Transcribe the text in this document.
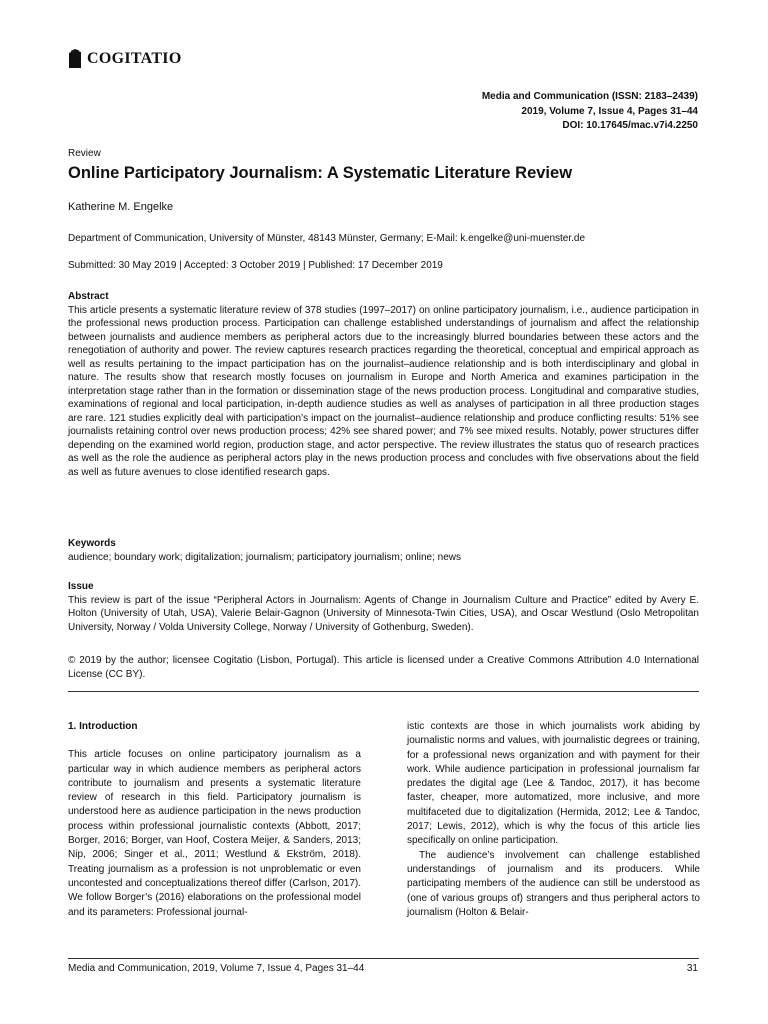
COGITATIO
Media and Communication (ISSN: 2183–2439)
2019, Volume 7, Issue 4, Pages 31–44
DOI: 10.17645/mac.v7i4.2250
Review
Online Participatory Journalism: A Systematic Literature Review
Katherine M. Engelke
Department of Communication, University of Münster, 48143 Münster, Germany; E-Mail: k.engelke@uni-muenster.de
Submitted: 30 May 2019 | Accepted: 3 October 2019 | Published: 17 December 2019
Abstract
This article presents a systematic literature review of 378 studies (1997–2017) on online participatory journalism, i.e., audience participation in the professional news production process. Participation can challenge established understandings of journalism and affect the relationship between journalists and audience members as peripheral actors due to the increasingly blurred boundaries between these actors and the renegotiation of authority and power. The review captures research practices regarding the theoretical, conceptual and empirical approach as well as results pertaining to the impact participation has on the journalist–audience relationship and is both interdisciplinary and global in nature. The results show that research mostly focuses on journalism in Europe and North America and examines participation in the interpretation stage rather than in the formation or dissemination stage of the news production process. Longitudinal and comparative studies, examinations of regional and local participation, in-depth audience studies as well as analyses of participation in all three production stages are rare. 121 studies explicitly deal with participation’s impact on the journalist–audience relationship and produce conflicting results: 51% see journalists retaining control over news production process; 42% see shared power; and 7% see mixed results. Notably, power structures differ depending on the examined world region, production stage, and actor perspective. The review illustrates the status quo of research practices as well as the role the audience as peripheral actors play in the news production process and concludes with five observations about the field as well as future avenues to close identified research gaps.
Keywords
audience; boundary work; digitalization; journalism; participatory journalism; online; news
Issue
This review is part of the issue “Peripheral Actors in Journalism: Agents of Change in Journalism Culture and Practice” edited by Avery E. Holton (University of Utah, USA), Valerie Belair-Gagnon (University of Minnesota-Twin Cities, USA), and Oscar Westlund (Oslo Metropolitan University, Norway / Volda University College, Norway / University of Gothenburg, Sweden).
© 2019 by the author; licensee Cogitatio (Lisbon, Portugal). This article is licensed under a Creative Commons Attribution 4.0 International License (CC BY).
1. Introduction

This article focuses on online participatory journalism as a particular way in which audience members as peripheral actors contribute to journalism and presents a systematic literature review of research in this field. Participatory journalism is understood here as audience participation in the news production process within professional journalistic contexts (Abbott, 2017; Borger, 2016; Borger, van Hoof, Costera Meijer, & Sanders, 2013; Nip, 2006; Singer et al., 2011; Westlund & Ekström, 2018). Treating journalism as a profession is not unproblematic or even uncontested and conceptualizations thereof differ (Carlson, 2017). We follow Borger’s (2016) elaborations on the professional model and its parameters: Professional journal-

istic contexts are those in which journalists work abiding by journalistic norms and values, with journalistic degrees or training, for a professional news organization and with payment for their work. While audience participation in professional journalism far predates the digital age (Lee & Tandoc, 2017), it has become faster, cheaper, more automatized, more inclusive, and more multifaceted due to digitalization (Hermida, 2012; Lee & Tandoc, 2017; Lewis, 2012), which is why the focus of this article lies specifically on online participation.

The audience’s involvement can challenge established understandings of journalism and its producers. While participating members of the audience can still be understood as (one of various groups of) strangers and thus peripheral actors to journalism (Holton & Belair-

Media and Communication, 2019, Volume 7, Issue 4, Pages 31–44	31
